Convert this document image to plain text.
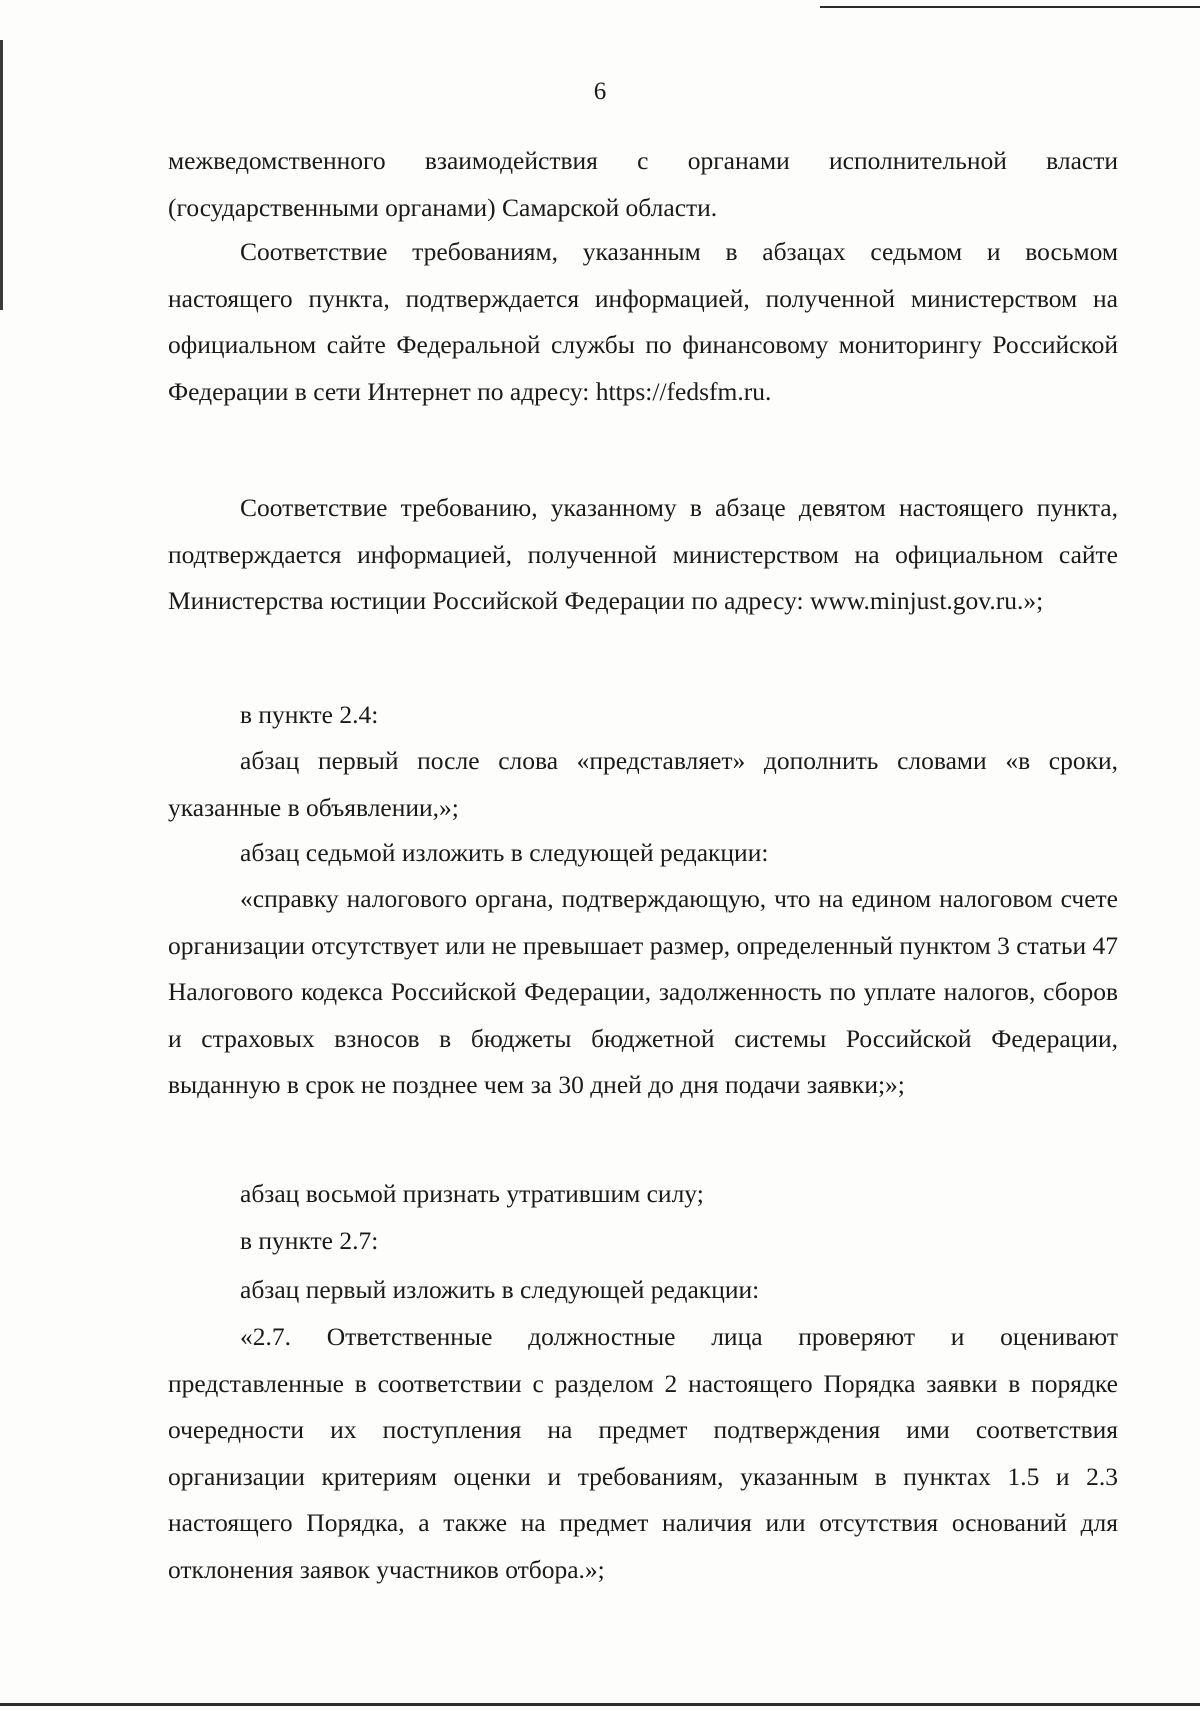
6

межведомственного взаимодействия с органами исполнительной власти (государственными органами) Самарской области.

Соответствие требованиям, указанным в абзацах седьмом и восьмом настоящего пункта, подтверждается информацией, полученной министерством на официальном сайте Федеральной службы по финансовому мониторингу Российской Федерации в сети Интернет по адресу: https://fedsfm.ru.

Соответствие требованию, указанному в абзаце девятом настоящего пункта, подтверждается информацией, полученной министерством на официальном сайте Министерства юстиции Российской Федерации по адресу: www.minjust.gov.ru.»;

в пункте 2.4:

абзац первый после слова «представляет» дополнить словами «в сроки, указанные в объявлении,»;

абзац седьмой изложить в следующей редакции:

«справку налогового органа, подтверждающую, что на едином налоговом счете организации отсутствует или не превышает размер, определенный пунктом 3 статьи 47 Налогового кодекса Российской Федерации, задолженность по уплате налогов, сборов и страховых взносов в бюджеты бюджетной системы Российской Федерации, выданную в срок не позднее чем за 30 дней до дня подачи заявки;»;

абзац восьмой признать утратившим силу;

в пункте 2.7:

абзац первый изложить в следующей редакции:

«2.7. Ответственные должностные лица проверяют и оценивают представленные в соответствии с разделом 2 настоящего Порядка заявки в порядке очередности их поступления на предмет подтверждения ими соответствия организации критериям оценки и требованиям, указанным в пунктах 1.5 и 2.3 настоящего Порядка, а также на предмет наличия или отсутствия оснований для отклонения заявок участников отбора.»;
